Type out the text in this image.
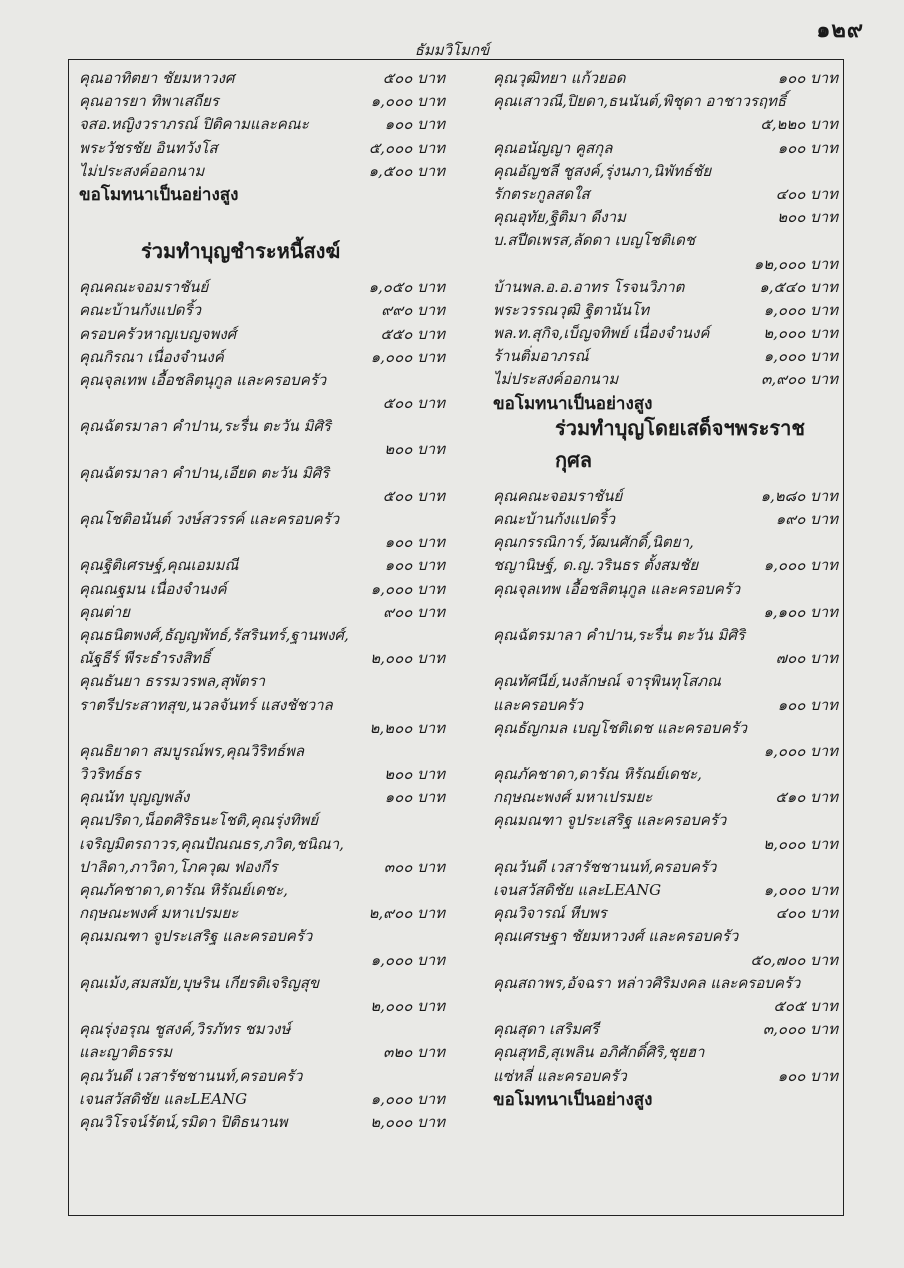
๑๒๙
ธัมมวิโมกข์
คุณอาทิตยา ชัยมหาวงศ	๕๐๐ บาท
คุณอารยา ทิพาเสถียร	๑,๐๐๐ บาท
จสอ.หญิงวราภรณ์ ปิติคามและคณะ	๑๐๐ บาท
พระวัชรชัย อินทวังโส	๕,๐๐๐ บาท
ไม่ประสงค์ออกนาม	๑,๕๐๐ บาท
ขอโมทนาเป็นอย่างสูง
ร่วมทำบุญชำระหนี้สงฆ์
คุณคณะจอมราชันย์	๑,๐๕๐ บาท
คณะบ้านกังแปดริ้ว	๙๙๐ บาท
ครอบครัวหาญเบญจพงศ์	๕๕๐ บาท
คุณกิรณา เนื่องจำนงค์	๑,๐๐๐ บาท
คุณจุลเทพ เอื้อชลิตนุกูล และครอบครัว
๕๐๐ บาท
คุณฉัตรมาลา คำปาน,ระรื่น ตะวัน มิศิริ
๒๐๐ บาท
คุณฉัตรมาลา คำปาน,เอียด ตะวัน มิศิริ
๕๐๐ บาท
คุณโชติอนันต์ วงษ์สวรรค์ และครอบครัว
๑๐๐ บาท
คุณฐิติเศรษฐ์,คุณเอมมณี	๑๐๐ บาท
คุณณฐมน เนื่องจำนงค์	๑,๐๐๐ บาท
คุณต่าย	๙๐๐ บาท
คุณธนิตพงศ์,ธัญญพัทธ์,รัสรินทร์,ฐานพงศ์,
ณัฐธีร์ พีระธำรงสิทธิ์	๒,๐๐๐ บาท
คุณธันยา ธรรมวรพล,สุพัตรา
ราตรีประสาทสุข,นวลจันทร์ แสงชัชวาล
๒,๒๐๐ บาท
คุณธิยาดา สมบูรณ์พร,คุณวิริทธ์พล
วิวริทธ์ธร	๒๐๐ บาท
คุณนัท บุญญพลัง	๑๐๐ บาท
คุณปริดา,น็อตศิริธนะโชติ,คุณรุ่งทิพย์
เจริญมิตรถาวร,คุณปัณณธร,ภวิต,ชนิณา,
ปาลิดา,ภาวิดา,โภควุฒ ฟองกีร	๓๐๐ บาท
คุณภัคชาดา,ดารัณ หิรัณย์เดชะ,
กฤษณะพงศ์ มหาเปรมยะ	๒,๙๐๐ บาท
คุณมณฑา จูประเสริฐ และครอบครัว
๑,๐๐๐ บาท
คุณเม้ง,สมสมัย,บุษริน เกียรติเจริญสุข
๒,๐๐๐ บาท
คุณรุ่งอรุณ ชูสงค์,วิรภัทร ชมวงษ์
และญาติธรรม	๓๒๐ บาท
คุณวันดี เวสารัชชานนท์,ครอบครัว
เจนสวัสดิชัย และLEANG	๑,๐๐๐ บาท
คุณวิโรจน์รัตน์,รมิดา ปิติธนานพ	๒,๐๐๐ บาท
คุณวุฒิทยา แก้วยอด	๑๐๐ บาท
คุณเสาวณี,ปิยดา,ธนนันต์,พิชุดา อาชาวรฤทธิ์
๕,๒๒๐ บาท
คุณอนัญญา คูสกุล	๑๐๐ บาท
คุณอัญชลี ชูสงค์,รุ่งนภา,นิพัทธ์ชัย
รักตระกูลสดใส	๔๐๐ บาท
คุณอุทัย,ฐิติมา ดีงาม	๒๐๐ บาท
บ.สปีดเพรส,ลัดดา เบญโชติเดช
๑๒,๐๐๐ บาท
บ้านพล.อ.อ.อาทร โรจนวิภาต	๑,๕๔๐ บาท
พระวรรณวุฒิ ฐิตานันโท	๑,๐๐๐ บาท
พล.ท.สุกิจ,เบ็ญจทิพย์ เนื่องจำนงค์	๒,๐๐๐ บาท
ร้านติ่มอาภรณ์	๑,๐๐๐ บาท
ไม่ประสงค์ออกนาม	๓,๙๐๐ บาท
ขอโมทนาเป็นอย่างสูง
ร่วมทำบุญโดยเสด็จฯพระราชกุศล
คุณคณะจอมราชันย์	๑,๒๘๐ บาท
คณะบ้านกังแปดริ้ว	๑๙๐ บาท
คุณกรรณิการ์,วัฒนศักดิ์,นิตยา,
ชญานิษฐ์, ด.ญ.วรินธร ตั้งสมชัย	๑,๐๐๐ บาท
คุณจุลเทพ เอื้อชลิตนุกูล และครอบครัว
๑,๑๐๐ บาท
คุณฉัตรมาลา คำปาน,ระรื่น ตะวัน มิศิริ
๗๐๐ บาท
คุณทัศนีย์,นงลักษณ์ จารุพินทุโสภณ
และครอบครัว	๑๐๐ บาท
คุณธัญกมล เบญโชติเดช และครอบครัว
๑,๐๐๐ บาท
คุณภัคชาดา,ดารัณ หิรัณย์เดชะ,
กฤษณะพงศ์ มหาเปรมยะ	๕๑๐ บาท
คุณมณฑา จูประเสริฐ และครอบครัว
๒,๐๐๐ บาท
คุณวันดี เวสารัชชานนท์,ครอบครัว
เจนสวัสดิชัย และLEANG	๑,๐๐๐ บาท
คุณวิจารณ์ หีบพร	๔๐๐ บาท
คุณเศรษฐา ชัยมหาวงศ์ และครอบครัว
๕๐,๗๐๐ บาท
คุณสถาพร,อัจฉรา หล่าวศิริมงคล และครอบครัว
๕๐๕ บาท
คุณสุดา เสริมศรี	๓,๐๐๐ บาท
คุณสุทธิ,สุเพลิน อภิศักดิ์ศิริ,ชุยฮา
แซ่หลี่ และครอบครัว	๑๐๐ บาท
ขอโมทนาเป็นอย่างสูง
